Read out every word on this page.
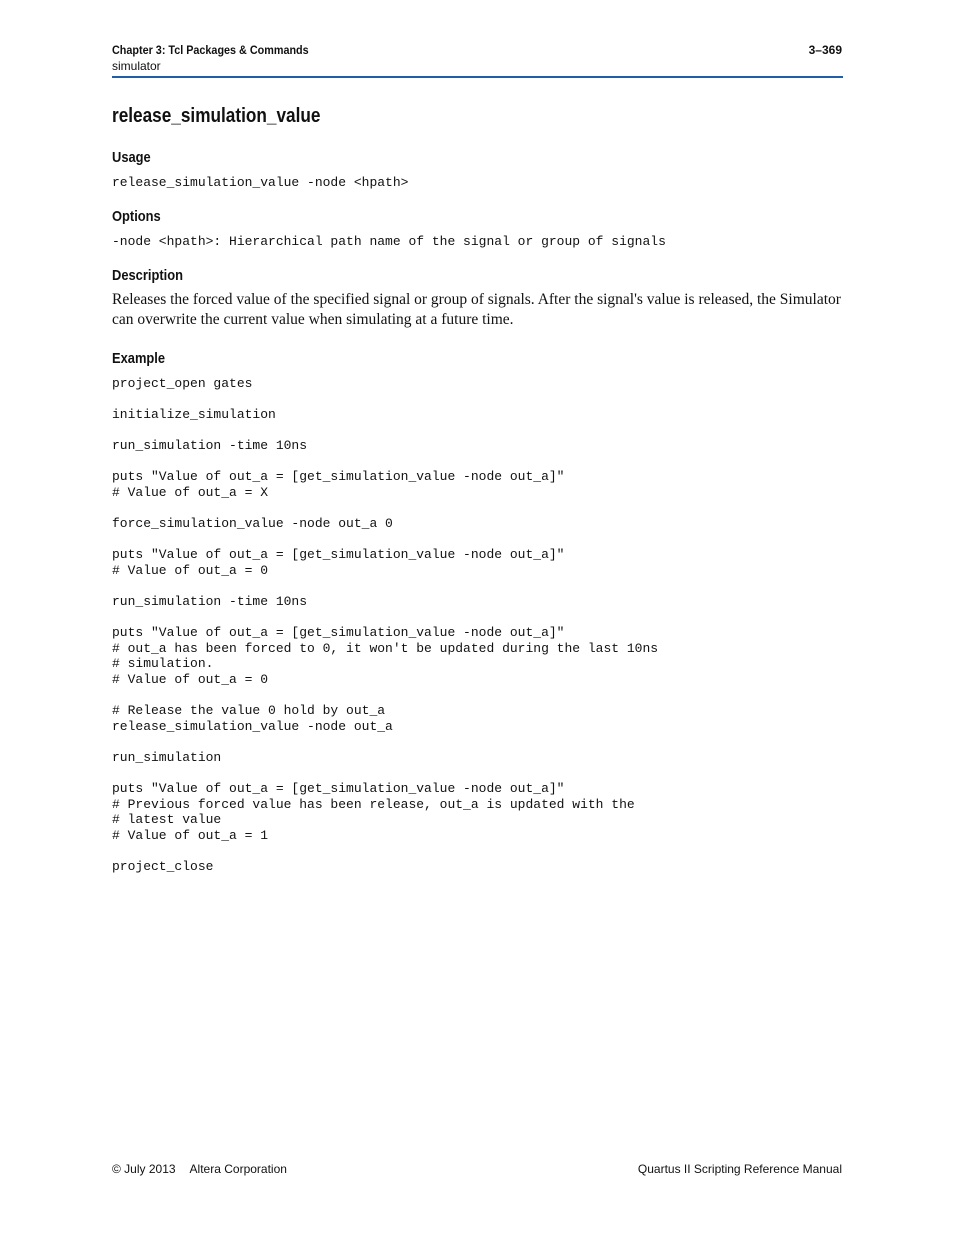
Chapter 3: Tcl Packages & Commands
simulator
3–369
release_simulation_value
Usage
release_simulation_value -node <hpath>
Options
-node <hpath>: Hierarchical path name of the signal or group of signals
Description

Releases the forced value of the specified signal or group of signals. After the signal's value is released, the Simulator can overwrite the current value when simulating at a future time.

Example
project_open gates
initialize_simulation
run_simulation -time 10ns
puts "Value of out_a = [get_simulation_value -node out_a]"
# Value of out_a = X
force_simulation_value -node out_a 0
puts "Value of out_a = [get_simulation_value -node out_a]"
# Value of out_a = 0
run_simulation -time 10ns
puts "Value of out_a = [get_simulation_value -node out_a]"
# out_a has been forced to 0, it won't be updated during the last 10ns
# simulation.
# Value of out_a = 0
# Release the value 0 hold by out_a
release_simulation_value -node out_a
run_simulation
puts "Value of out_a = [get_simulation_value -node out_a]"
# Previous forced value has been release, out_a is updated with the
# latest value
# Value of out_a = 1
project_close
© July 2013 Altera Corporation	Quartus II Scripting Reference Manual
